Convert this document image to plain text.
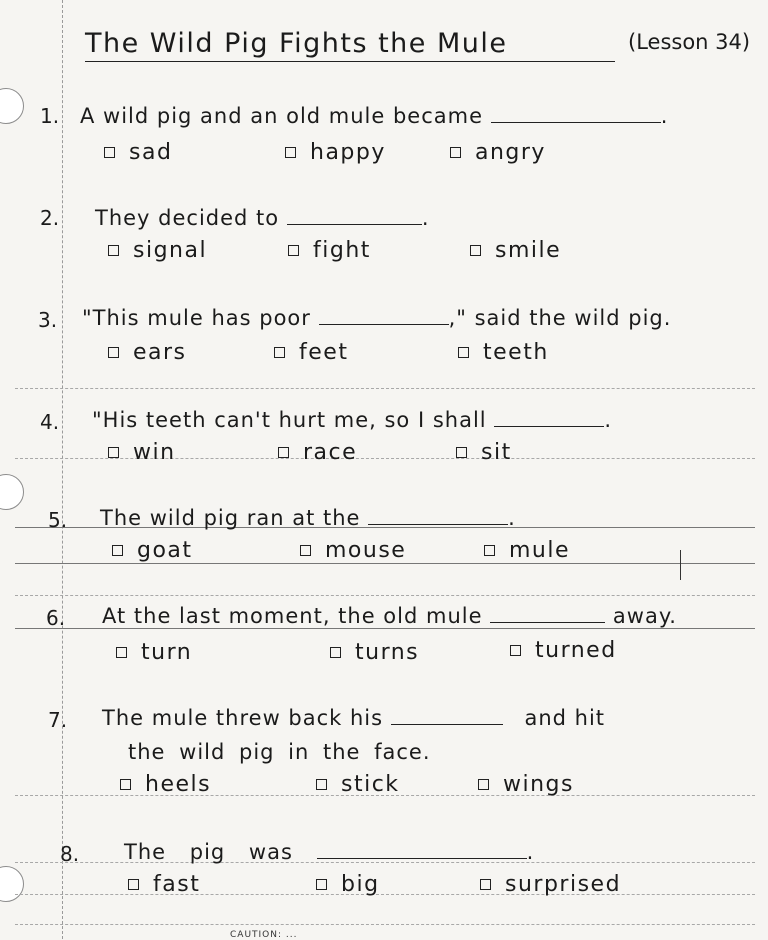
The Wild Pig Fights the Mule	(Lesson 34)
1. A wild pig and an old mule became	.
sad	happy	angry
2. They decided to	.
signal	fight	smile
3. "This mule has poor	," said the wild pig.
ears	feet	teeth
4. "His teeth can't hurt me, so I shall	.
win	race	sit
5. The wild pig ran at the	.
goat	mouse	mule
6. At the last moment, the old mule	away.
turn	turns	turned
7. The mule threw back his	and hit
the wild pig in the face.
heels	stick	wings
8. The pig was	.
fast	big	surprised
CAUTION: ...
